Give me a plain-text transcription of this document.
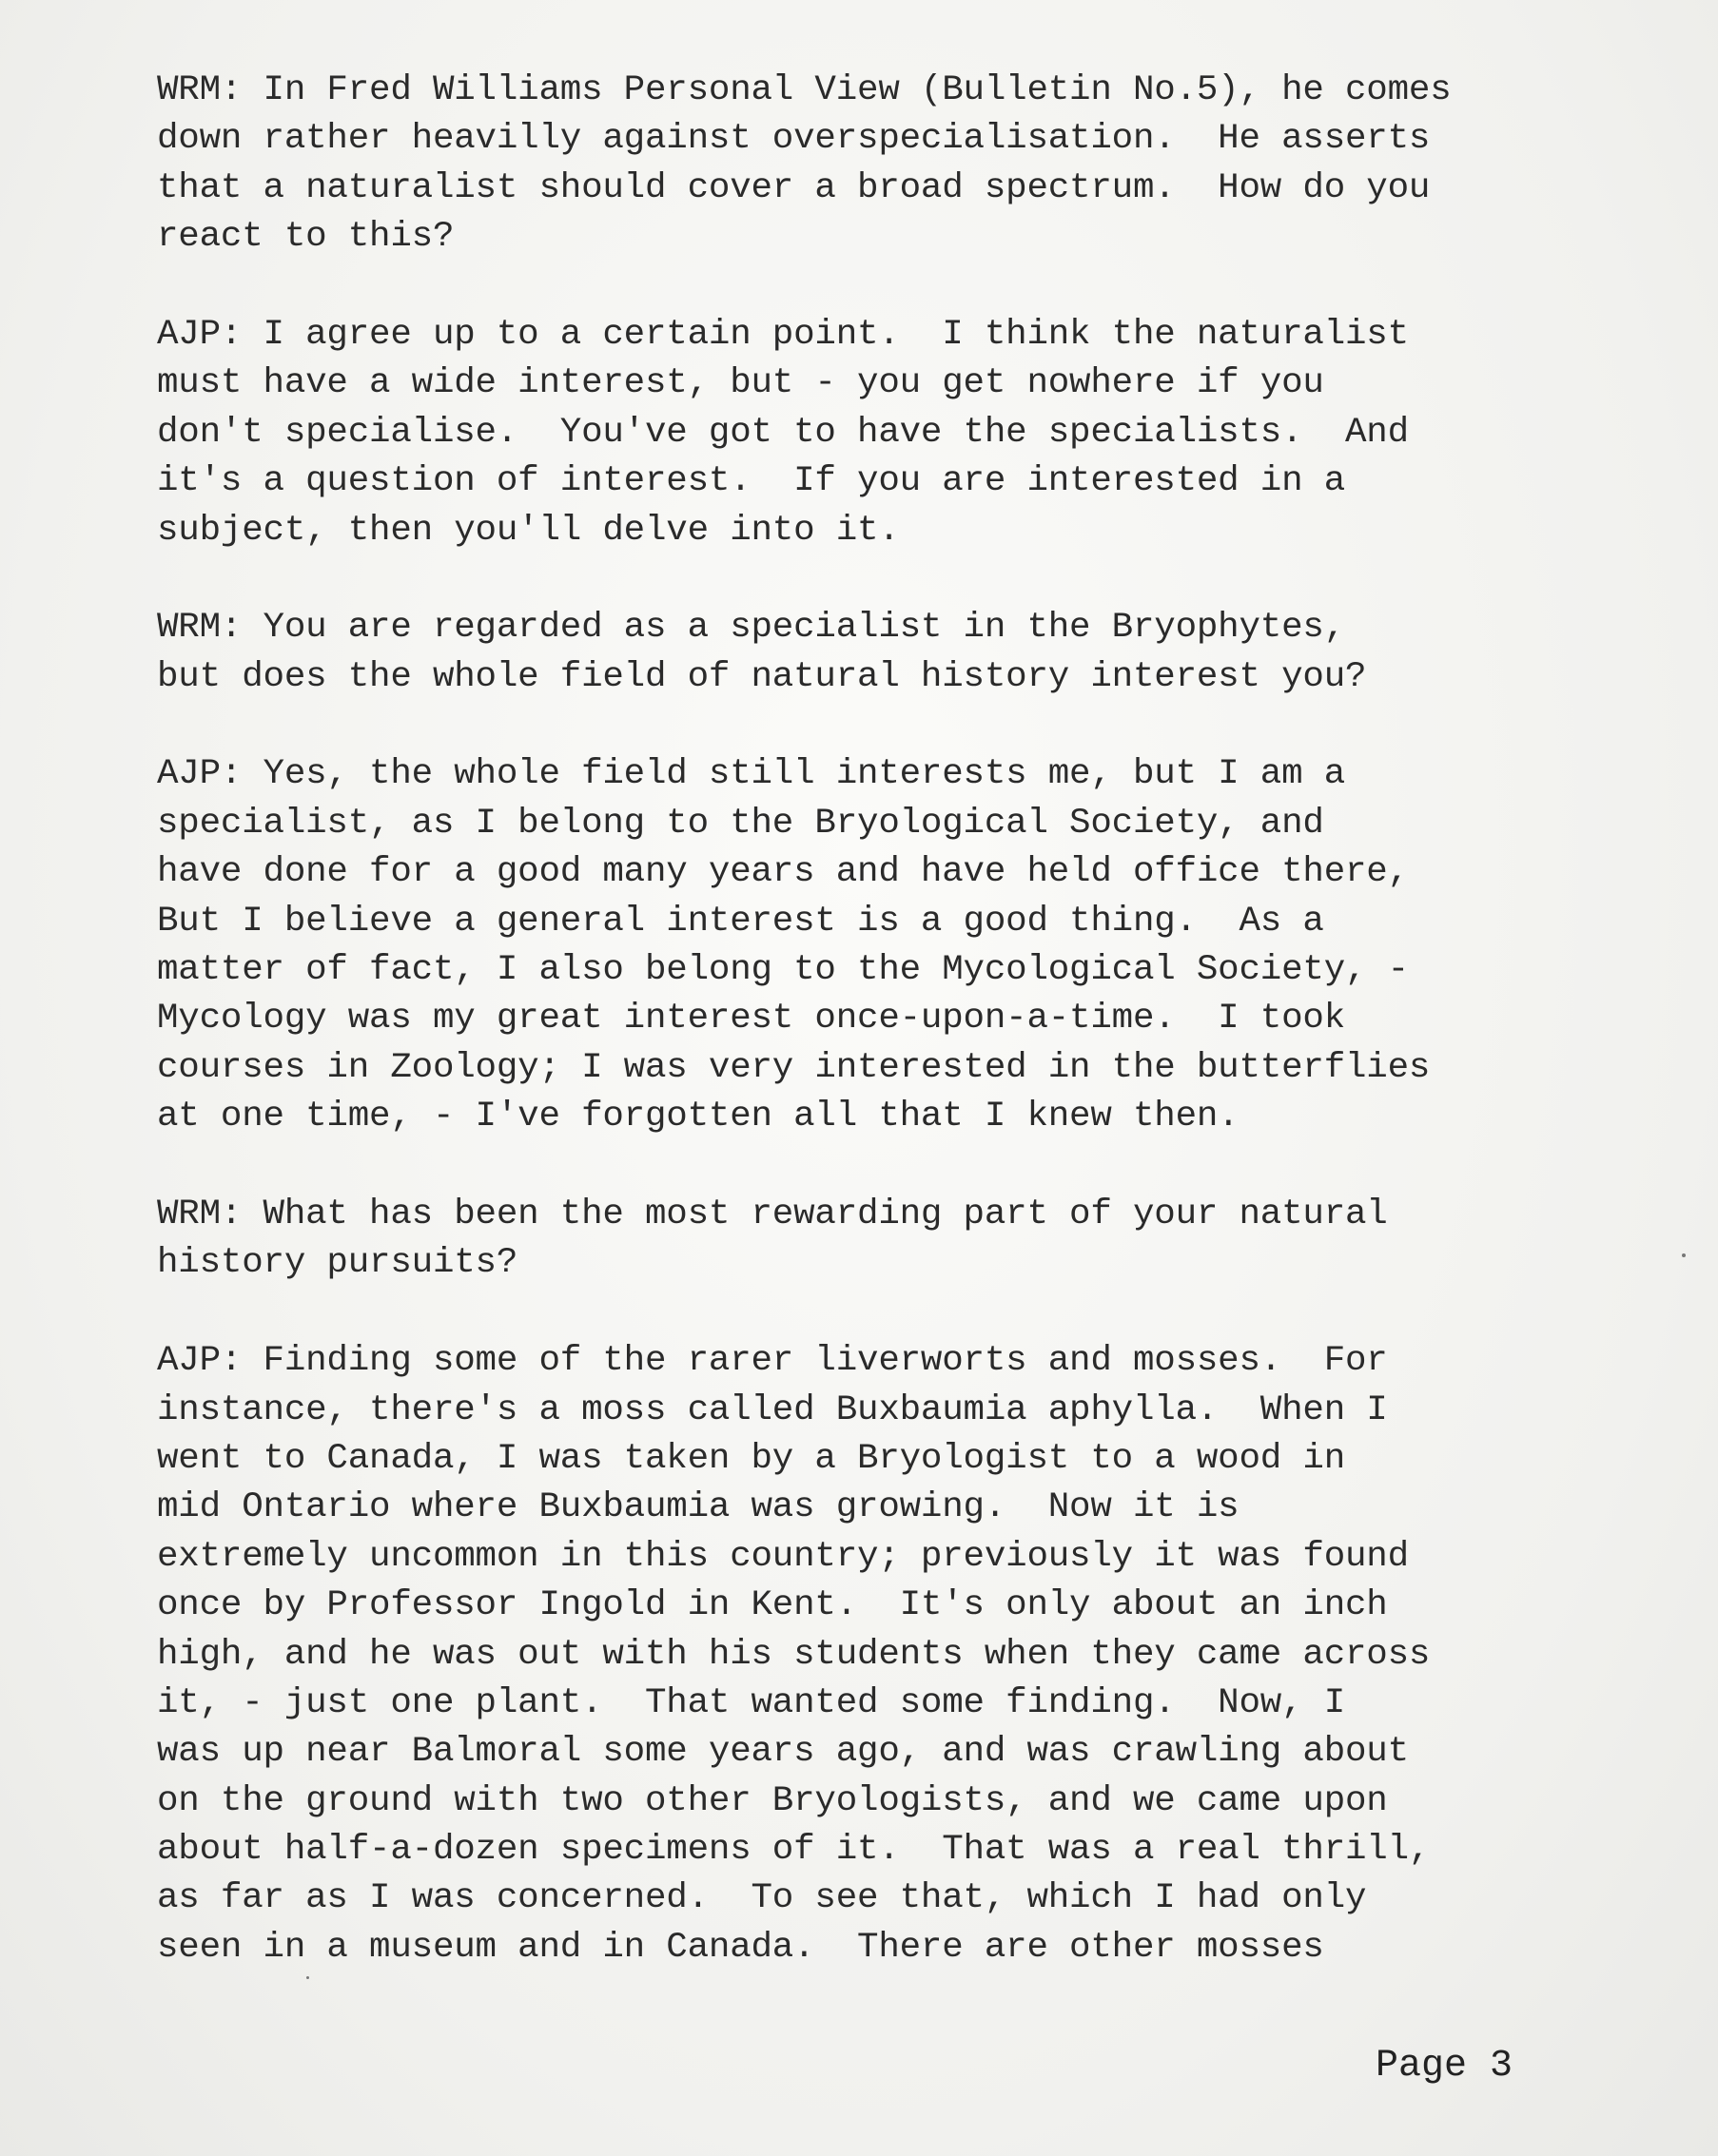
WRM: In Fred Williams Personal View (Bulletin No.5), he comes
down rather heavilly against overspecialisation.  He asserts
that a naturalist should cover a broad spectrum.  How do you
react to this?
AJP: I agree up to a certain point.  I think the naturalist
must have a wide interest, but - you get nowhere if you
don't specialise.  You've got to have the specialists.  And
it's a question of interest.  If you are interested in a
subject, then you'll delve into it.
WRM: You are regarded as a specialist in the Bryophytes,
but does the whole field of natural history interest you?
AJP: Yes, the whole field still interests me, but I am a
specialist, as I belong to the Bryological Society, and
have done for a good many years and have held office there,
But I believe a general interest is a good thing.  As a
matter of fact, I also belong to the Mycological Society, -
Mycology was my great interest once-upon-a-time.  I took
courses in Zoology; I was very interested in the butterflies
at one time, - I've forgotten all that I knew then.
WRM: What has been the most rewarding part of your natural
history pursuits?
AJP: Finding some of the rarer liverworts and mosses.  For
instance, there's a moss called Buxbaumia aphylla.  When I
went to Canada, I was taken by a Bryologist to a wood in
mid Ontario where Buxbaumia was growing.  Now it is
extremely uncommon in this country; previously it was found
once by Professor Ingold in Kent.  It's only about an inch
high, and he was out with his students when they came across
it, - just one plant.  That wanted some finding.  Now, I
was up near Balmoral some years ago, and was crawling about
on the ground with two other Bryologists, and we came upon
about half-a-dozen specimens of it.  That was a real thrill,
as far as I was concerned.  To see that, which I had only
seen in a museum and in Canada.  There are other mosses
Page 3
